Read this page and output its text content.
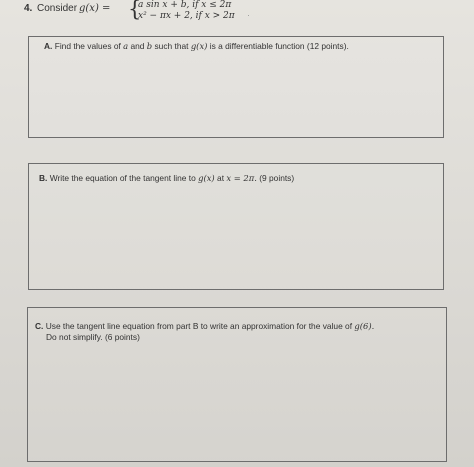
4. Consider g(x) = {
a sin x + b, if x ≤ 2π
x² − πx + 2, if x > 2π ·
A. Find the values of a and b such that g(x) is a differentiable function (12 points).
B. Write the equation of the tangent line to g(x) at x = 2π. (9 points)
C. Use the tangent line equation from part B to write an approximation for the value of g(6).
Do not simplify. (6 points)
